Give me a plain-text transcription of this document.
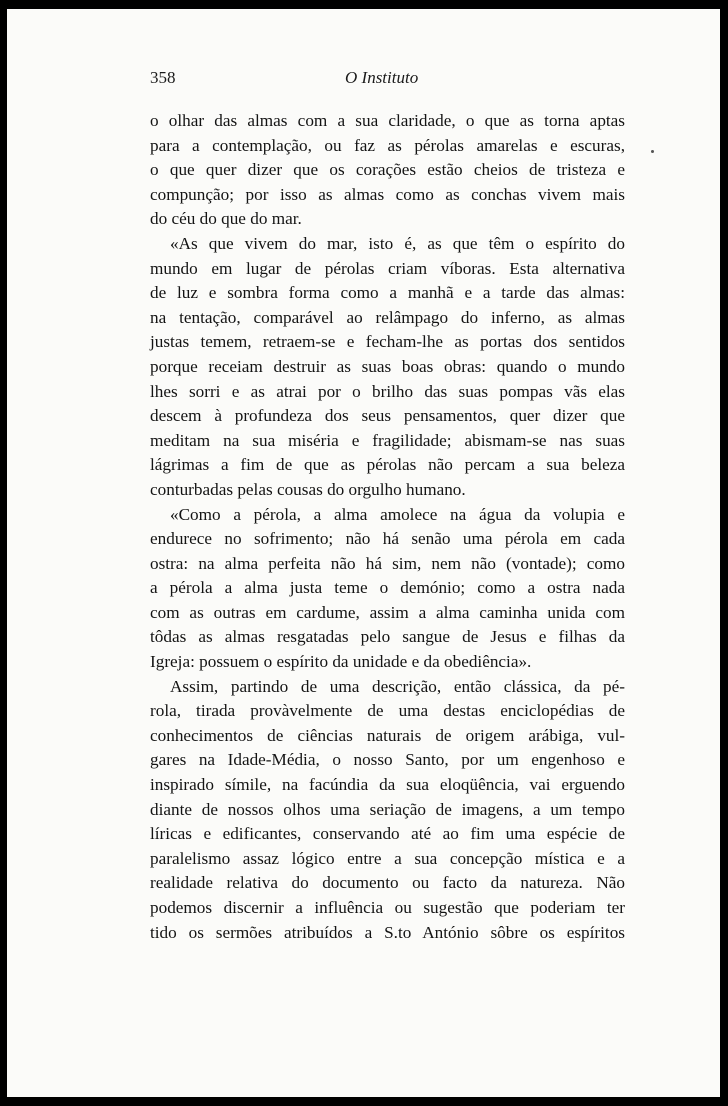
358	O Instituto
o olhar das almas com a sua claridade, o que as torna aptas
para a contemplação, ou faz as pérolas amarelas e escuras,
o que quer dizer que os corações estão cheios de tristeza e
compunção; por isso as almas como as conchas vivem mais
do céu do que do mar.
«As que vivem do mar, isto é, as que têm o espírito do
mundo em lugar de pérolas criam víboras. Esta alternativa
de luz e sombra forma como a manhã e a tarde das almas:
na tentação, comparável ao relâmpago do inferno, as almas
justas temem, retraem-se e fecham-lhe as portas dos sentidos
porque receiam destruir as suas boas obras: quando o mundo
lhes sorri e as atrai por o brilho das suas pompas vãs elas
descem à profundeza dos seus pensamentos, quer dizer que
meditam na sua miséria e fragilidade; abismam-se nas suas
lágrimas a fim de que as pérolas não percam a sua beleza
conturbadas pelas cousas do orgulho humano.
«Como a pérola, a alma amolece na água da volupia e
endurece no sofrimento; não há senão uma pérola em cada
ostra: na alma perfeita não há sim, nem não (vontade); como
a pérola a alma justa teme o demónio; como a ostra nada
com as outras em cardume, assim a alma caminha unida com
tôdas as almas resgatadas pelo sangue de Jesus e filhas da
Igreja: possuem o espírito da unidade e da obediência».
Assim, partindo de uma descrição, então clássica, da pé-
rola, tirada provàvelmente de uma destas enciclopédias de
conhecimentos de ciências naturais de origem arábiga, vul-
gares na Idade-Média, o nosso Santo, por um engenhoso e
inspirado símile, na facúndia da sua eloqüência, vai erguendo
diante de nossos olhos uma seriação de imagens, a um tempo
líricas e edificantes, conservando até ao fim uma espécie de
paralelismo assaz lógico entre a sua concepção mística e a
realidade relativa do documento ou facto da natureza. Não
podemos discernir a influência ou sugestão que poderiam ter
tido os sermões atribuídos a S.to António sôbre os espíritos
